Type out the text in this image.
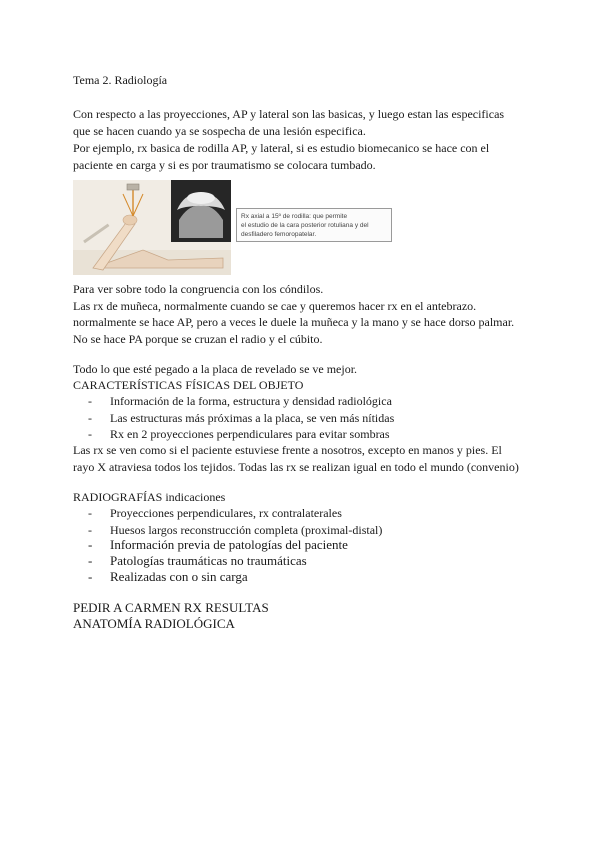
Tema 2. Radiología

Con respecto a las proyecciones, AP y lateral son las basicas, y luego estan las especificas
que se hacen cuando ya se sospecha de una lesión especifica.
Por ejemplo, rx basica de rodilla AP, y lateral, si es estudio biomecanico se hace con el
paciente en carga y si es por traumatismo se colocara tumbado.

Rx axial a 15º de rodilla: que permite
el estudio de la cara posterior rotuliana y del
desfiladero femoropatelar.

Para ver sobre todo la congruencia con los cóndilos.
Las rx de muñeca, normalmente cuando se cae y queremos hacer rx en el antebrazo.
normalmente se hace AP, pero a veces le duele la muñeca y la mano y se hace dorso palmar.
No se hace PA porque se cruzan el radio y el cúbito.

Todo lo que esté pegado a la placa de revelado se ve mejor.

CARACTERÍSTICAS FÍSICAS DEL OBJETO

- Información de la forma, estructura y densidad radiológica
- Las estructuras más próximas a la placa, se ven más nítidas
- Rx en 2 proyecciones perpendiculares para evitar sombras

Las rx se ven como si el paciente estuviese frente a nosotros, excepto en manos y pies. El
rayo X atraviesa todos los tejidos. Todas las rx se realizan igual en todo el mundo (convenio)

RADIOGRAFÍAS indicaciones

- Proyecciones perpendiculares, rx contralaterales
- Huesos largos reconstrucción completa (proximal-distal)
- Información previa de patologías del paciente
- Patologías traumáticas no traumáticas
- Realizadas con o sin carga

PEDIR A CARMEN RX RESULTAS
ANATOMÍA RADIOLÓGICA
